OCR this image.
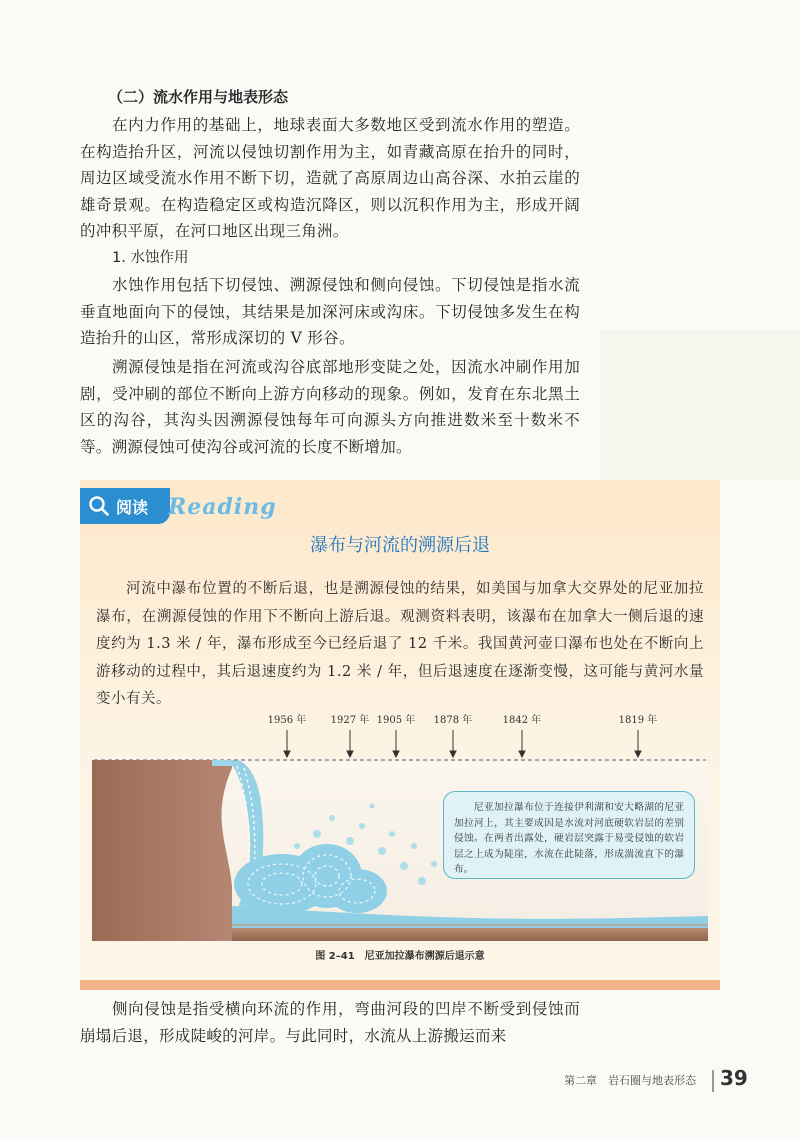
（二）流水作用与地表形态

在内力作用的基础上，地球表面大多数地区受到流水作用的塑造。在构造抬升区，河流以侵蚀切割作用为主，如青藏高原在抬升的同时，周边区域受流水作用不断下切，造就了高原周边山高谷深、水拍云崖的雄奇景观。在构造稳定区或构造沉降区，则以沉积作用为主，形成开阔的冲积平原，在河口地区出现三角洲。

1. 水蚀作用

水蚀作用包括下切侵蚀、溯源侵蚀和侧向侵蚀。下切侵蚀是指水流垂直地面向下的侵蚀，其结果是加深河床或沟床。下切侵蚀多发生在构造抬升的山区，常形成深切的 V 形谷。

溯源侵蚀是指在河流或沟谷底部地形变陡之处，因流水冲刷作用加剧，受冲刷的部位不断向上游方向移动的现象。例如，发育在东北黑土区的沟谷，其沟头因溯源侵蚀每年可向源头方向推进数米至十数米不等。溯源侵蚀可使沟谷或河流的长度不断增加。

阅读 Reading

瀑布与河流的溯源后退

河流中瀑布位置的不断后退，也是溯源侵蚀的结果，如美国与加拿大交界处的尼亚加拉瀑布，在溯源侵蚀的作用下不断向上游后退。观测资料表明，该瀑布在加拿大一侧后退的速度约为 1.3 米 / 年，瀑布形成至今已经后退了 12 千米。我国黄河壶口瀑布也处在不断向上游移动的过程中，其后退速度约为 1.2 米 / 年，但后退速度在逐渐变慢，这可能与黄河水量变小有关。

1956 年 1927 年 1905 年 1878 年	1842 年	1819 年

尼亚加拉瀑布位于连接伊利湖和安大略湖的尼亚加拉河上，其主要成因是水流对河底硬软岩层的差别侵蚀。在两者出露处，硬岩层突露于易受侵蚀的软岩层之上成为陡崖，水流在此陡落，形成湍流直下的瀑布。

图 2–41　尼亚加拉瀑布溯源后退示意

侧向侵蚀是指受横向环流的作用，弯曲河段的凹岸不断受到侵蚀而崩塌后退，形成陡峻的河岸。与此同时，水流从上游搬运而来

第二章　岩石圈与地表形态 39
